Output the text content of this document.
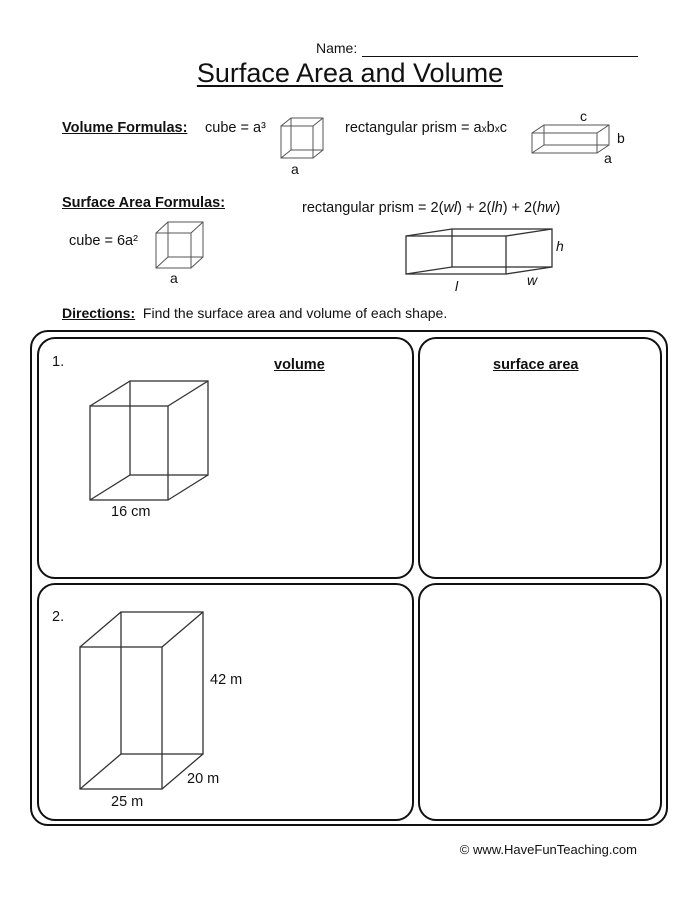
Name:
Surface Area and Volume
Volume Formulas: cube = a³	rectangular prism = axbxc
a
c
b
a
Surface Area Formulas:
cube = 6a²
a
rectangular prism = 2(wl) + 2(lh) + 2(hw)
h
l	w
Directions: Find the surface area and volume of each shape.
1.	volume	surface area
16 cm
2.
42 m
20 m
25 m
© www.HaveFunTeaching.com
